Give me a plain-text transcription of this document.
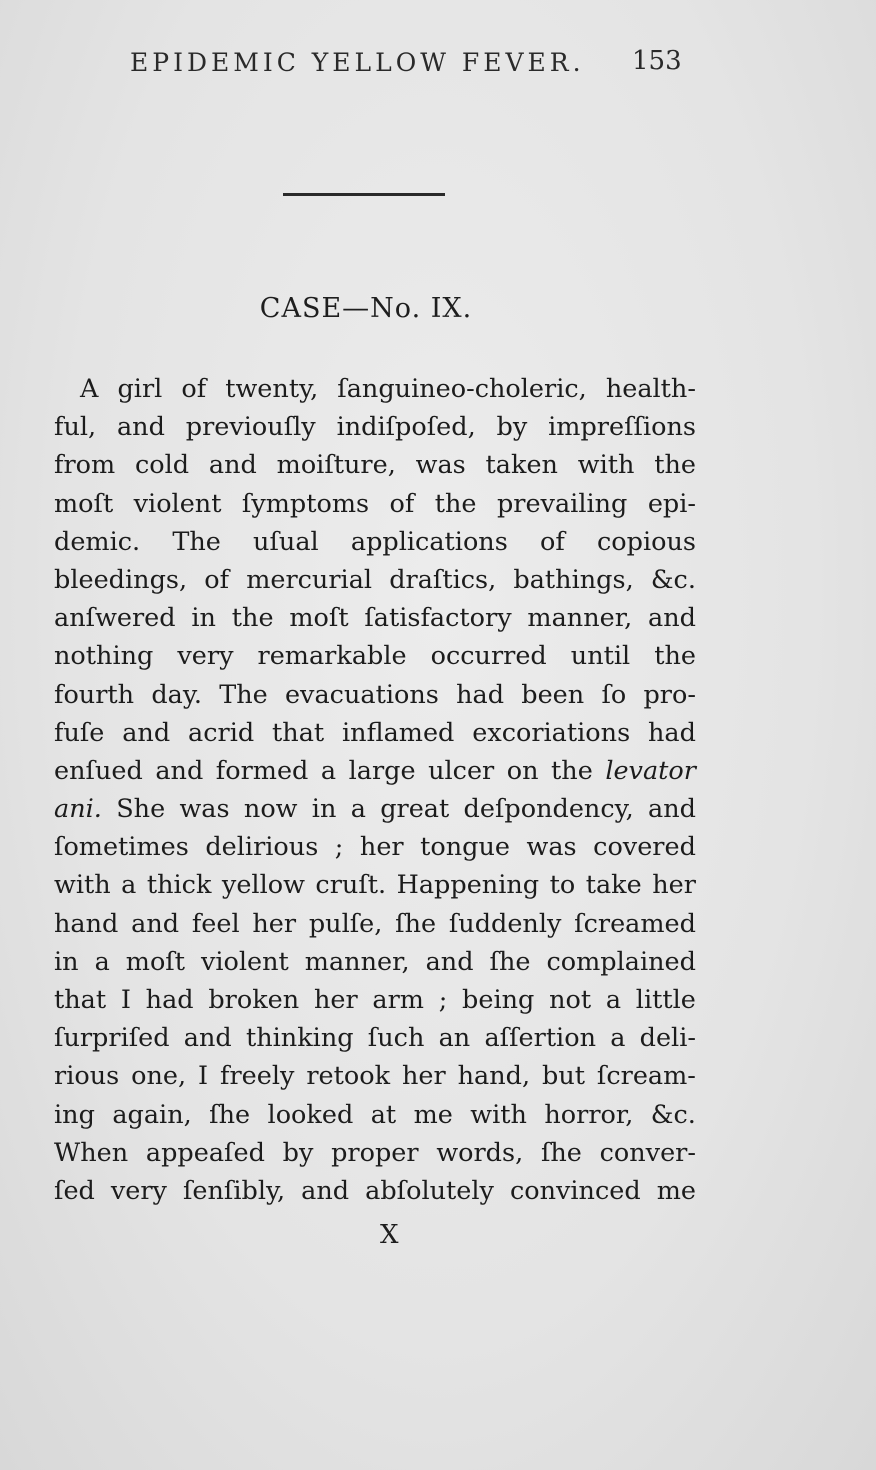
EPIDEMIC YELLOW FEVER. 153
CASE—No. IX.
A girl of twenty, ſanguineo-choleric, health-
ful, and previouſly indiſpoſed, by impreſſions
from cold and moiſture, was taken with the
moſt violent ſymptoms of the prevailing epi-
demic. The uſual applications of copious
bleedings, of mercurial draſtics, bathings, &c.
anſwered in the moſt ſatisfactory manner, and
nothing very remarkable occurred until the
fourth day. The evacuations had been ſo pro-
fuſe and acrid that inflamed excoriations had
enſued and formed a large ulcer on the levator
ani. She was now in a great deſpondency, and
ſometimes delirious ; her tongue was covered
with a thick yellow cruſt. Happening to take her
hand and feel her pulſe, ſhe ſuddenly ſcreamed
in a moſt violent manner, and ſhe complained
that I had broken her arm ; being not a little
ſurpriſed and thinking ſuch an aſſertion a deli-
rious one, I freely retook her hand, but ſcream-
ing again, ſhe looked at me with horror, &c.
When appeaſed by proper words, ſhe conver-
ſed very ſenſibly, and abſolutely convinced me
X
